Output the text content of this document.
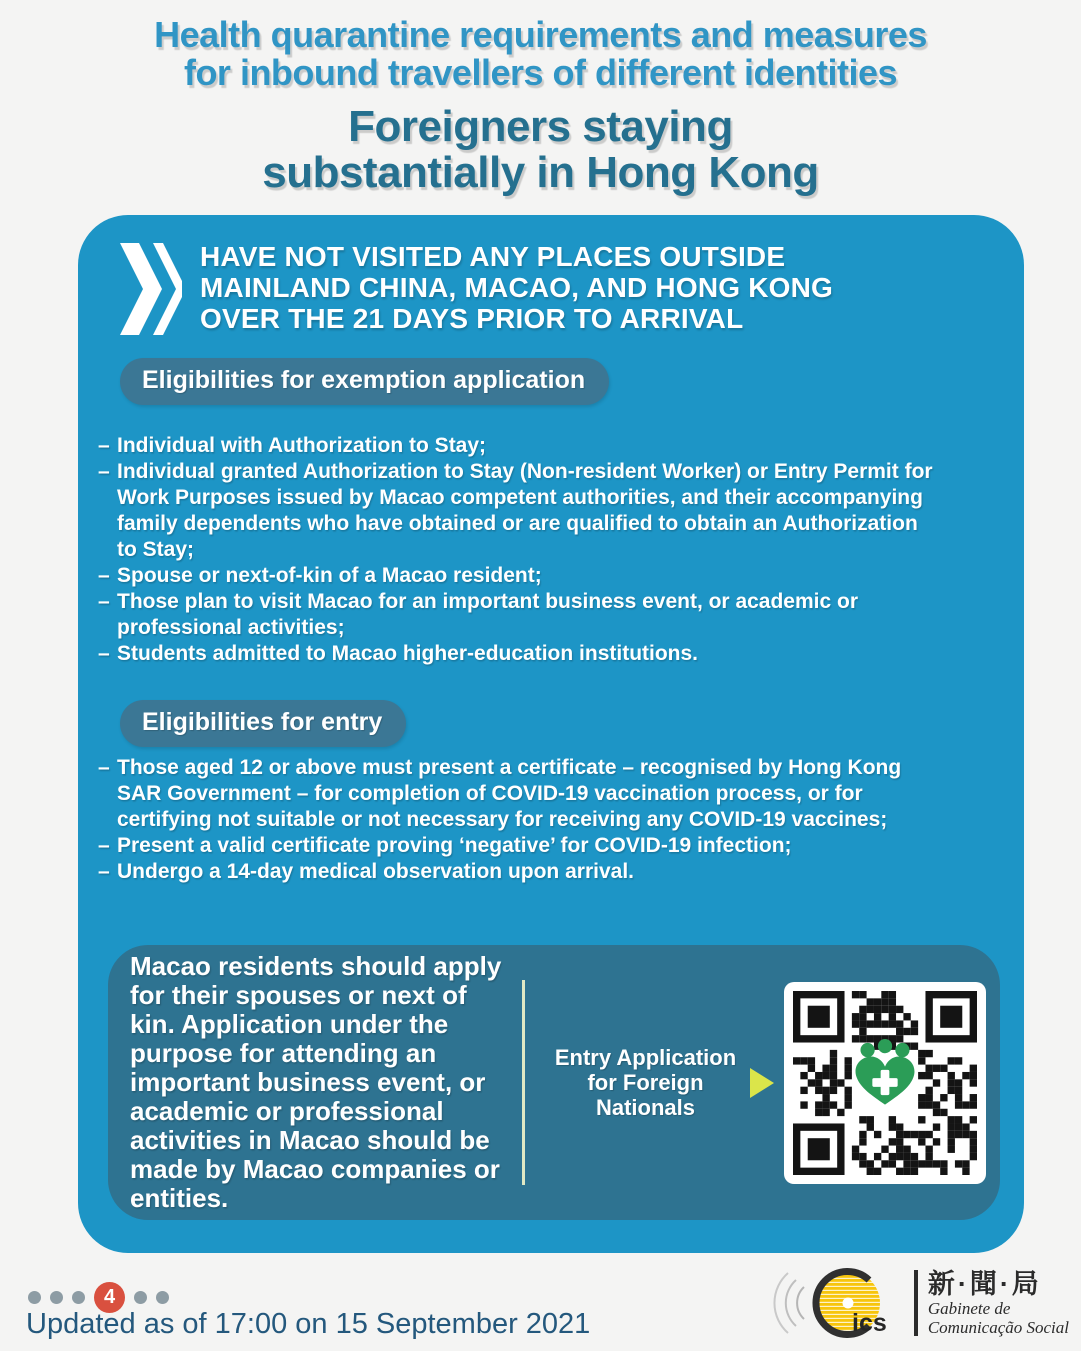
Health quarantine requirements and measures
for inbound travellers of different identities
Foreigners staying
substantially in Hong Kong
HAVE NOT VISITED ANY PLACES OUTSIDE
MAINLAND CHINA, MACAO, AND HONG KONG
OVER THE 21 DAYS PRIOR TO ARRIVAL
Eligibilities for exemption application
– Individual with Authorization to Stay;
– Individual granted Authorization to Stay (Non-resident Worker) or Entry Permit for Work Purposes issued by Macao competent authorities, and their accompanying family dependents who have obtained or are qualified to obtain an Authorization to Stay;
– Spouse or next-of-kin of a Macao resident;
– Those plan to visit Macao for an important business event, or academic or professional activities;
– Students admitted to Macao higher-education institutions.
Eligibilities for entry
– Those aged 12 or above must present a certificate – recognised by Hong Kong SAR Government – for completion of COVID-19 vaccination process, or for certifying not suitable or not necessary for receiving any COVID-19 vaccines;
– Present a valid certificate proving ‘negative’ for COVID-19 infection;
– Undergo a 14-day medical observation upon arrival.
Macao residents should apply for their spouses or next of kin. Application under the purpose for attending an important business event, or academic or professional activities in Macao should be made by Macao companies or entities.
Entry Application for Foreign Nationals
4
Updated as of 17:00 on 15 September 2021	ics
新·聞·局
Gabinete de
Comunicação Social
